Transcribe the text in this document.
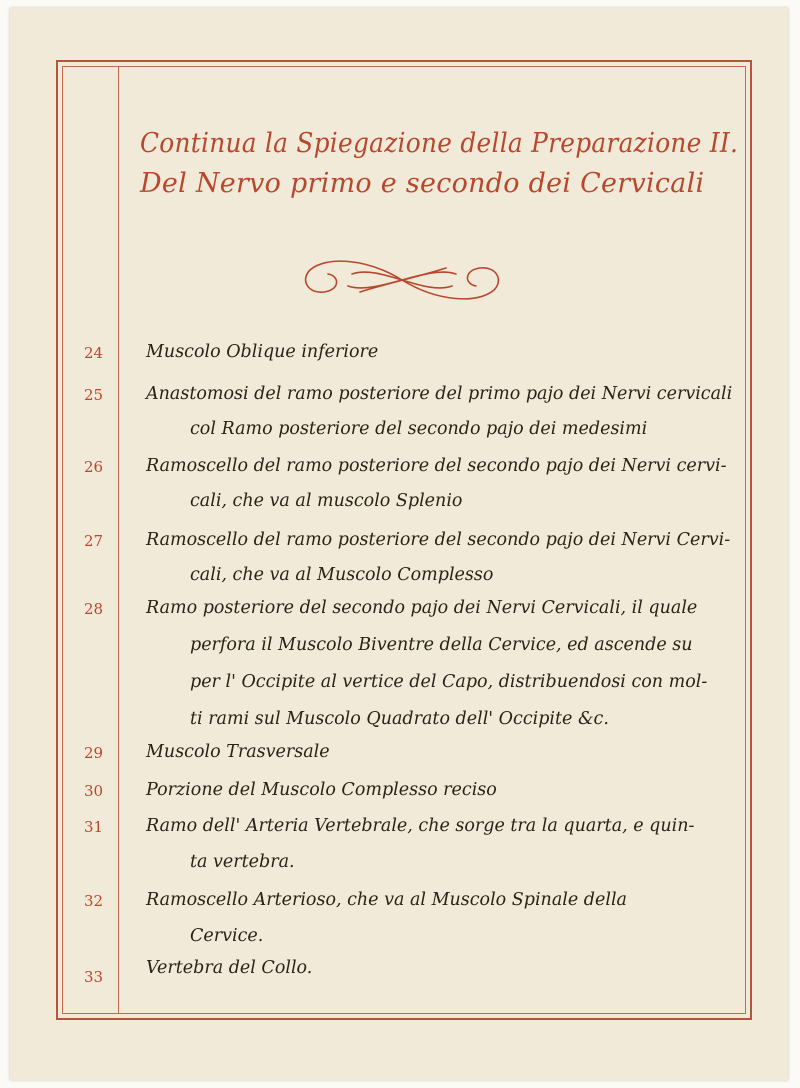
Continua la Spiegazione della Preparazione II.
Del Nervo primo e secondo dei Cervicali
24	Muscolo Oblique inferiore
25	Anastomosi del ramo posteriore del primo pajo dei Nervi cervicali
col Ramo posteriore del secondo pajo dei medesimi
26	Ramoscello del ramo posteriore del secondo pajo dei Nervi cervi-
cali, che va al muscolo Splenio
27	Ramoscello del ramo posteriore del secondo pajo dei Nervi Cervi-
cali, che va al Muscolo Complesso
28	Ramo posteriore del secondo pajo dei Nervi Cervicali, il quale
perfora il Muscolo Biventre della Cervice, ed ascende su
per l' Occipite al vertice del Capo, distribuendosi con mol-
ti rami sul Muscolo Quadrato dell' Occipite &c.
29	Muscolo Trasversale
30	Porzione del Muscolo Complesso reciso
31	Ramo dell' Arteria Vertebrale, che sorge tra la quarta, e quin-
ta vertebra.
32	Ramoscello Arterioso, che va al Muscolo Spinale della
Cervice.
33	Vertebra del Collo.
